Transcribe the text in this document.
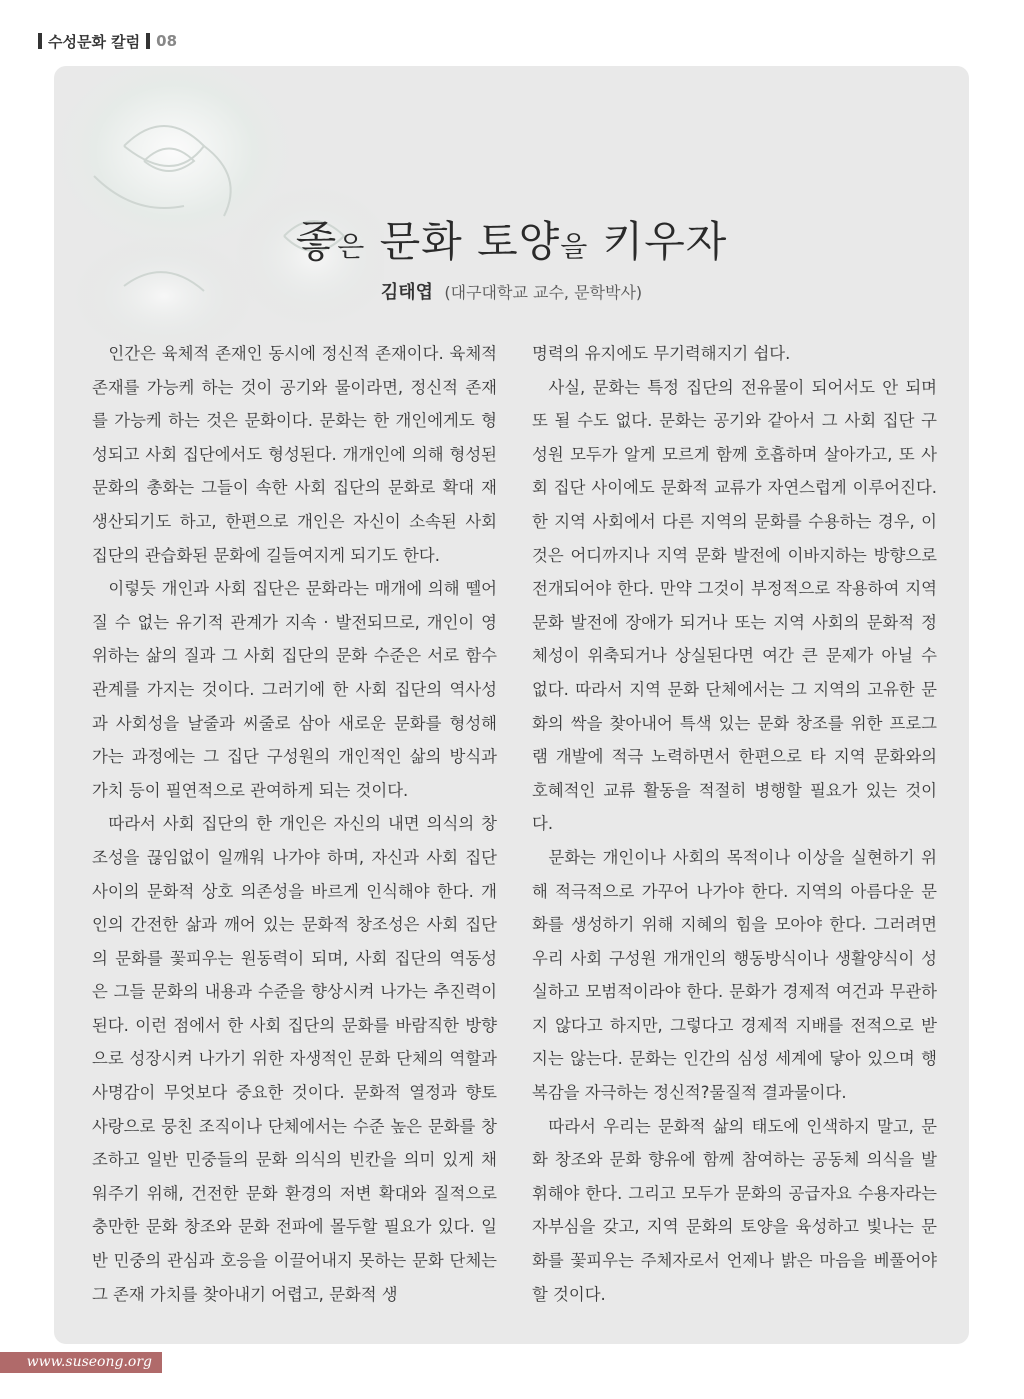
수성문화 칼럼 08
좋은 문화 토양을 키우자
김태엽 (대구대학교 교수, 문학박사)

인간은 육체적 존재인 동시에 정신적 존재이다. 육체적 존재를 가능케 하는 것이 공기와 물이라면, 정신적 존재를 가능케 하는 것은 문화이다. 문화는 한 개인에게도 형성되고 사회 집단에서도 형성된다. 개개인에 의해 형성된 문화의 총화는 그들이 속한 사회 집단의 문화로 확대 재생산되기도 하고, 한편으로 개인은 자신이 소속된 사회 집단의 관습화된 문화에 길들여지게 되기도 한다.

이렇듯 개인과 사회 집단은 문화라는 매개에 의해 뗄어질 수 없는 유기적 관계가 지속 · 발전되므로, 개인이 영위하는 삶의 질과 그 사회 집단의 문화 수준은 서로 함수관계를 가지는 것이다. 그러기에 한 사회 집단의 역사성과 사회성을 날줄과 씨줄로 삼아 새로운 문화를 형성해 가는 과정에는 그 집단 구성원의 개인적인 삶의 방식과 가치 등이 필연적으로 관여하게 되는 것이다.

따라서 사회 집단의 한 개인은 자신의 내면 의식의 창조성을 끊임없이 일깨워 나가야 하며, 자신과 사회 집단 사이의 문화적 상호 의존성을 바르게 인식해야 한다. 개인의 간전한 삶과 깨어 있는 문화적 창조성은 사회 집단의 문화를 꽃피우는 원동력이 되며, 사회 집단의 역동성은 그들 문화의 내용과 수준을 향상시켜 나가는 추진력이 된다. 이런 점에서 한 사회 집단의 문화를 바람직한 방향으로 성장시켜 나가기 위한 자생적인 문화 단체의 역할과 사명감이 무엇보다 중요한 것이다. 문화적 열정과 향토 사랑으로 뭉친 조직이나 단체에서는 수준 높은 문화를 창조하고 일반 민중들의 문화 의식의 빈칸을 의미 있게 채워주기 위해, 건전한 문화 환경의 저변 확대와 질적으로 충만한 문화 창조와 문화 전파에 몰두할 필요가 있다. 일반 민중의 관심과 호응을 이끌어내지 못하는 문화 단체는 그 존재 가치를 찾아내기 어렵고, 문화적 생

명력의 유지에도 무기력해지기 쉽다.

사실, 문화는 특정 집단의 전유물이 되어서도 안 되며 또 될 수도 없다. 문화는 공기와 같아서 그 사회 집단 구성원 모두가 알게 모르게 함께 호흡하며 살아가고, 또 사회 집단 사이에도 문화적 교류가 자연스럽게 이루어진다. 한 지역 사회에서 다른 지역의 문화를 수용하는 경우, 이것은 어디까지나 지역 문화 발전에 이바지하는 방향으로 전개되어야 한다. 만약 그것이 부정적으로 작용하여 지역 문화 발전에 장애가 되거나 또는 지역 사회의 문화적 정체성이 위축되거나 상실된다면 여간 큰 문제가 아닐 수 없다. 따라서 지역 문화 단체에서는 그 지역의 고유한 문화의 싹을 찾아내어 특색 있는 문화 창조를 위한 프로그램 개발에 적극 노력하면서 한편으로 타 지역 문화와의 호혜적인 교류 활동을 적절히 병행할 필요가 있는 것이다.

문화는 개인이나 사회의 목적이나 이상을 실현하기 위해 적극적으로 가꾸어 나가야 한다. 지역의 아름다운 문화를 생성하기 위해 지혜의 힘을 모아야 한다. 그러려면 우리 사회 구성원 개개인의 행동방식이나 생활양식이 성실하고 모범적이라야 한다. 문화가 경제적 여건과 무관하지 않다고 하지만, 그렇다고 경제적 지배를 전적으로 받지는 않는다. 문화는 인간의 심성 세계에 닿아 있으며 행복감을 자극하는 정신적?물질적 결과물이다.

따라서 우리는 문화적 삶의 태도에 인색하지 말고, 문화 창조와 문화 향유에 함께 참여하는 공동체 의식을 발휘해야 한다. 그리고 모두가 문화의 공급자요 수용자라는 자부심을 갖고, 지역 문화의 토양을 육성하고 빛나는 문화를 꽃피우는 주체자로서 언제나 밝은 마음을 베풀어야 할 것이다.

www.suseong.org
